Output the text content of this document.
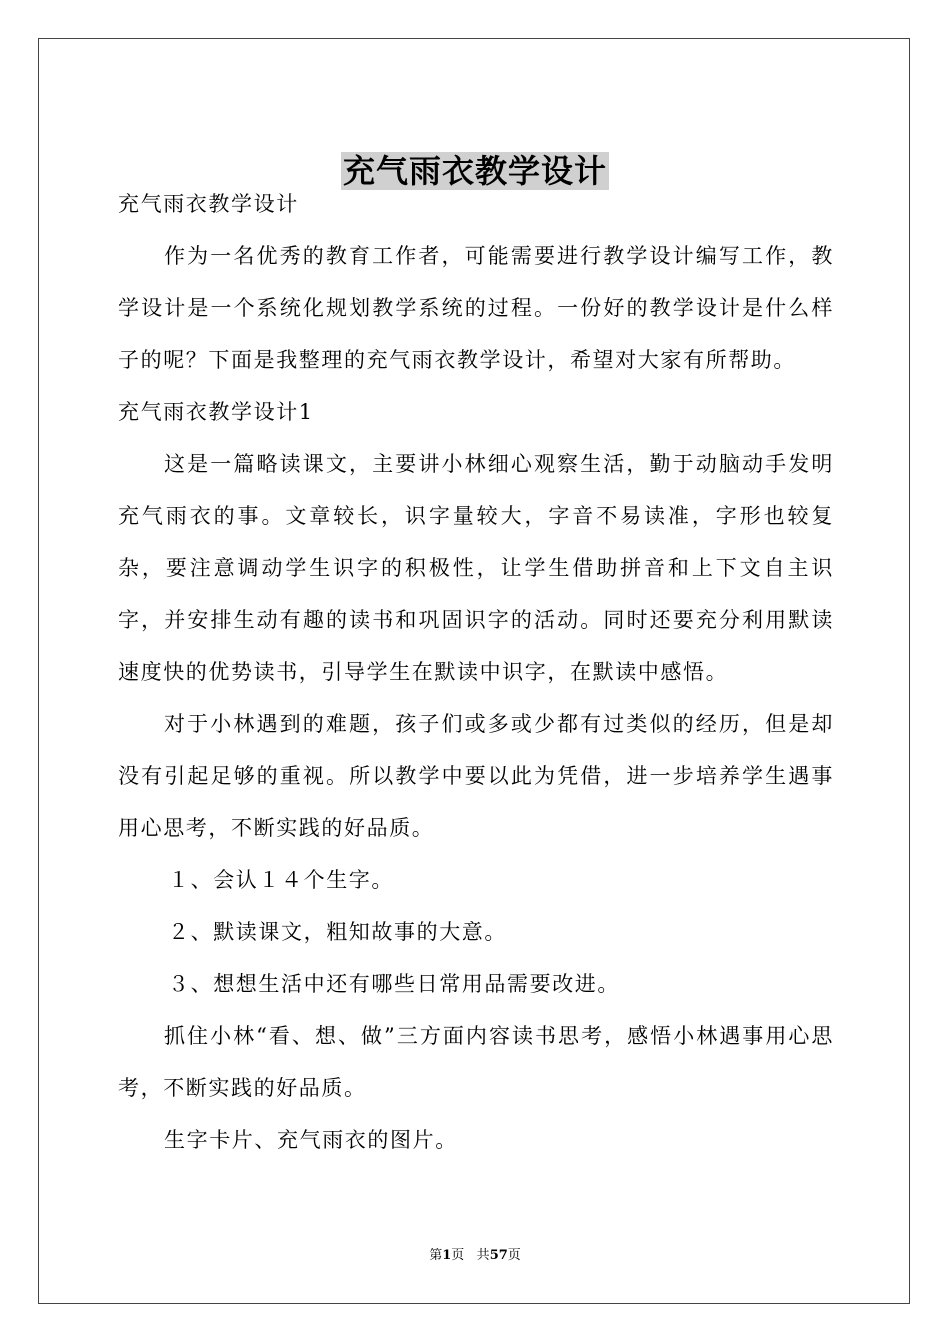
充气雨衣教学设计

充气雨衣教学设计

作为一名优秀的教育工作者，可能需要进行教学设计编写工作，教学设计是一个系统化规划教学系统的过程。一份好的教学设计是什么样子的呢？下面是我整理的充气雨衣教学设计，希望对大家有所帮助。

充气雨衣教学设计1

这是一篇略读课文，主要讲小林细心观察生活，勤于动脑动手发明充气雨衣的事。文章较长，识字量较大，字音不易读准，字形也较复杂，要注意调动学生识字的积极性，让学生借助拼音和上下文自主识字，并安排生动有趣的读书和巩固识字的活动。同时还要充分利用默读速度快的优势读书，引导学生在默读中识字，在默读中感悟。

对于小林遇到的难题，孩子们或多或少都有过类似的经历，但是却没有引起足够的重视。所以教学中要以此为凭借，进一步培养学生遇事用心思考，不断实践的好品质。

１、会认１４个生字。

２、默读课文，粗知故事的大意。

３、想想生活中还有哪些日常用品需要改进。

抓住小林“看、想、做”三方面内容读书思考，感悟小林遇事用心思考，不断实践的好品质。

生字卡片、充气雨衣的图片。

第1页 共57页
